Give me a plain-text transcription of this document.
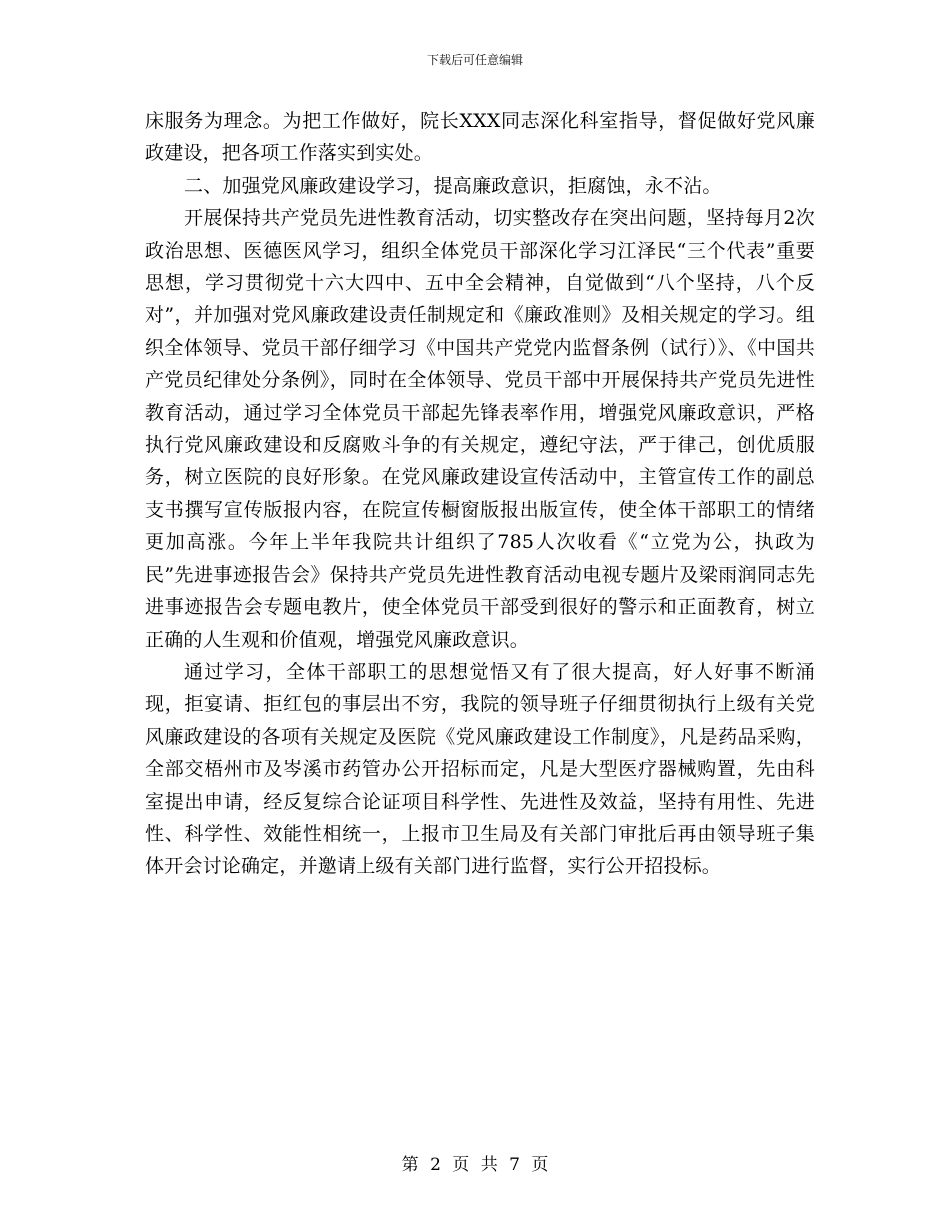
下载后可任意编辑

床服务为理念。为把工作做好，院长XXX同志深化科室指导，督促做好党风廉政建设，把各项工作落实到实处。

二、加强党风廉政建设学习，提高廉政意识，拒腐蚀，永不沾。

开展保持共产党员先进性教育活动，切实整改存在突出问题，坚持每月2次政治思想、医德医风学习，组织全体党员干部深化学习江泽民“三个代表”重要思想，学习贯彻党十六大四中、五中全会精神，自觉做到“八个坚持，八个反对”，并加强对党风廉政建设责任制规定和《廉政准则》及相关规定的学习。组织全体领导、党员干部仔细学习《中国共产党党内监督条例（试行）》、《中国共产党员纪律处分条例》，同时在全体领导、党员干部中开展保持共产党员先进性教育活动，通过学习全体党员干部起先锋表率作用，增强党风廉政意识，严格执行党风廉政建设和反腐败斗争的有关规定，遵纪守法，严于律己，创优质服务，树立医院的良好形象。在党风廉政建设宣传活动中，主管宣传工作的副总支书撰写宣传版报内容，在院宣传橱窗版报出版宣传，使全体干部职工的情绪更加高涨。今年上半年我院共计组织了785人次收看《“立党为公，执政为民”先进事迹报告会》保持共产党员先进性教育活动电视专题片及梁雨润同志先进事迹报告会专题电教片，使全体党员干部受到很好的警示和正面教育，树立正确的人生观和价值观，增强党风廉政意识。

通过学习，全体干部职工的思想觉悟又有了很大提高，好人好事不断涌现，拒宴请、拒红包的事层出不穷，我院的领导班子仔细贯彻执行上级有关党风廉政建设的各项有关规定及医院《党风廉政建设工作制度》，凡是药品采购，全部交梧州市及岑溪市药管办公开招标而定，凡是大型医疗器械购置，先由科室提出申请，经反复综合论证项目科学性、先进性及效益，坚持有用性、先进性、科学性、效能性相统一，上报市卫生局及有关部门审批后再由领导班子集体开会讨论确定，并邀请上级有关部门进行监督，实行公开招投标。

第 2 页 共 7 页
